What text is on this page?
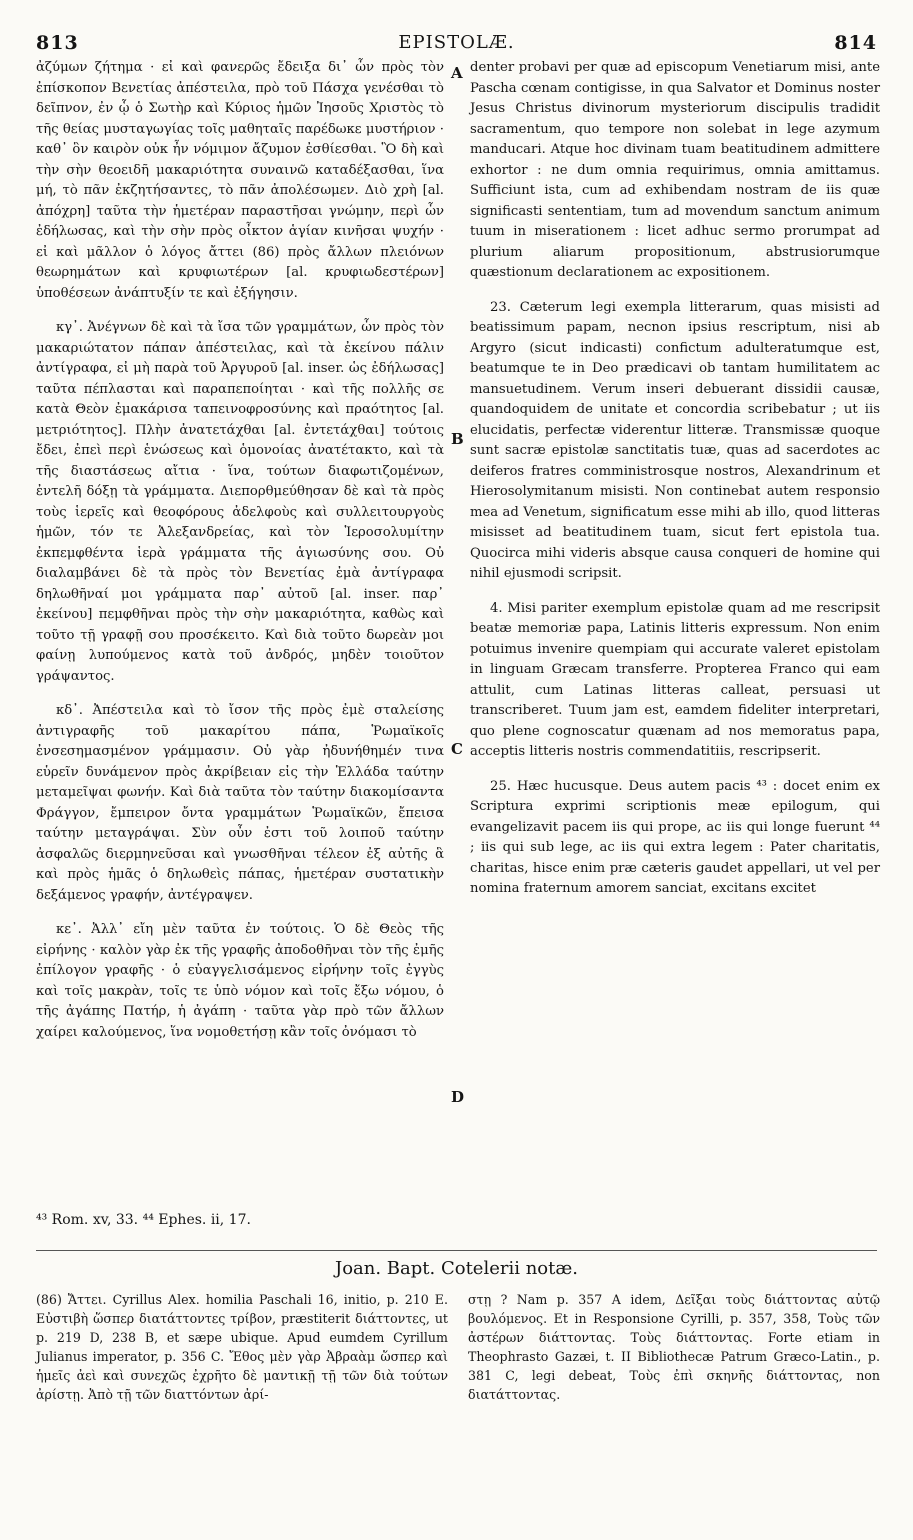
813	EPISTOLÆ.	814

ἀζύμων ζήτημα · εἰ καὶ φανερῶς ἔδειξα δι᾽ ὧν πρὸς τὸν ἐπίσκοπον Βενετίας ἀπέστειλα, πρὸ τοῦ Πάσχα γενέσθαι τὸ δεῖπνον, ἐν ᾧ ὁ Σωτὴρ καὶ Κύριος ἡμῶν Ἰησοῦς Χριστὸς τὸ τῆς θείας μυσταγωγίας τοῖς μαθηταῖς παρέδωκε μυστήριον · καθ᾽ ὃν καιρὸν οὐκ ἦν νόμιμον ἄζυμον ἐσθίεσθαι. Ὃ δὴ καὶ τὴν σὴν θεοειδῆ μακαριότητα συναινῶ καταδέξασθαι, ἵνα μή, τὸ πᾶν ἐκζητήσαντες, τὸ πᾶν ἀπολέσωμεν. Διὸ χρὴ [al. ἀπόχρη] ταῦτα τὴν ἡμετέραν παραστῆσαι γνώμην, περὶ ὧν ἐδήλωσας, καὶ τὴν σὴν πρὸς οἶκτον ἁγίαν κινῆσαι ψυχήν · εἰ καὶ μᾶλλον ὁ λόγος ἄττει (86) πρὸς ἄλλων πλειόνων θεωρημάτων καὶ κρυφιωτέρων [al. κρυφιωδεστέρων] ὑποθέσεων ἀνάπτυξίν τε καὶ ἐξήγησιν.

κγ᾽. Ἀνέγνων δὲ καὶ τὰ ἴσα τῶν γραμμάτων, ὧν πρὸς τὸν μακαριώτατον πάπαν ἀπέστειλας, καὶ τὰ ἐκείνου πάλιν ἀντίγραφα, εἰ μὴ παρὰ τοῦ Ἀργυροῦ [al. inser. ὡς ἐδήλωσας] ταῦτα πέπλασται καὶ παραπεποίηται · καὶ τῆς πολλῆς σε κατὰ Θεὸν ἐμακάρισα ταπεινοφροσύνης καὶ πραότητος [al. μετριότητος]. Πλὴν ἀνατετάχθαι [al. ἐντετάχθαι] τούτοις ἔδει, ἐπεὶ περὶ ἑνώσεως καὶ ὁμονοίας ἀνατέτακτο, καὶ τὰ τῆς διαστάσεως αἴτια · ἵνα, τούτων διαφωτιζομένων, ἐντελῆ δόξῃ τὰ γράμματα. Διεπορθμεύθησαν δὲ καὶ τὰ πρὸς τοὺς ἱερεῖς καὶ θεοφόρους ἀδελφοὺς καὶ συλλειτουργοὺς ἡμῶν, τόν τε Ἀλεξανδρείας, καὶ τὸν Ἱεροσολυμίτην ἐκπεμφθέντα ἱερὰ γράμματα τῆς ἁγιωσύνης σου. Οὐ διαλαμβάνει δὲ τὰ πρὸς τὸν Βενετίας ἐμὰ ἀντίγραφα δηλωθῆναί μοι γράμματα παρ᾽ αὐτοῦ [al. inser. παρ᾽ ἐκείνου] πεμφθῆναι πρὸς τὴν σὴν μακαριότητα, καθὼς καὶ τοῦτο τῇ γραφῇ σου προσέκειτο. Καὶ διὰ τοῦτο δωρεὰν μοι φαίνῃ λυπούμενος κατὰ τοῦ ἀνδρός, μηδὲν τοιοῦτον γράψαντος.

κδ᾽. Ἀπέστειλα καὶ τὸ ἴσον τῆς πρὸς ἐμὲ σταλείσης ἀντιγραφῆς τοῦ μακαρίτου πάπα, Ῥωμαϊκοῖς ἐνσεσημασμένον γράμμασιν. Οὐ γὰρ ἠδυνήθημέν τινα εὑρεῖν δυνάμενον πρὸς ἀκρίβειαν εἰς τὴν Ἑλλάδα ταύτην μεταμεῖψαι φωνήν. Καὶ διὰ ταῦτα τὸν ταύτην διακομίσαντα Φράγγον, ἔμπειρον ὄντα γραμμάτων Ῥωμαϊκῶν, ἔπεισα ταύτην μεταγράψαι. Σὺν οὖν ἐστι τοῦ λοιποῦ ταύτην ἀσφαλῶς διερμηνεῦσαι καὶ γνωσθῆναι τέλεον ἐξ αὐτῆς ἃ καὶ πρὸς ἡμᾶς ὁ δηλωθεὶς πάπας, ἡμετέραν συστατικὴν δεξάμενος γραφήν, ἀντέγραψεν.

κε᾽. Ἀλλ᾽ εἴη μὲν ταῦτα ἐν τούτοις. Ὁ δὲ Θεὸς τῆς εἰρήνης · καλὸν γὰρ ἐκ τῆς γραφῆς ἀποδοθῆναι τὸν τῆς ἐμῆς ἐπίλογον γραφῆς · ὁ εὐαγγελισάμενος εἰρήνην τοῖς ἐγγὺς καὶ τοῖς μακρὰν, τοῖς τε ὑπὸ νόμον καὶ τοῖς ἔξω νόμου, ὁ τῆς ἀγάπης Πατήρ, ἡ ἀγάπη · ταῦτα γὰρ πρὸ τῶν ἄλλων χαίρει καλούμενος, ἵνα νομοθετήσῃ κἂν τοῖς ὀνόμασι τὸ

denter probavi per quæ ad episcopum Venetiarum misi, ante Pascha cœnam contigisse, in qua Salvator et Dominus noster Jesus Christus divinorum mysteriorum discipulis tradidit sacramentum, quo tempore non solebat in lege azymum manducari. Atque hoc divinam tuam beatitudinem admittere exhortor : ne dum omnia requirimus, omnia amittamus. Sufficiunt ista, cum ad exhibendam nostram de iis quæ significasti sententiam, tum ad movendum sanctum animum tuum in miserationem : licet adhuc sermo prorumpat ad plurium aliarum propositionum, abstrusiorumque quæstionum declarationem ac expositionem.

23. Cæterum legi exempla litterarum, quas misisti ad beatissimum papam, necnon ipsius rescriptum, nisi ab Argyro (sicut indicasti) confictum adulteratumque est, beatumque te in Deo prædicavi ob tantam humilitatem ac mansuetudinem. Verum inseri debuerant dissidii causæ, quandoquidem de unitate et concordia scribebatur ; ut iis elucidatis, perfectæ viderentur litteræ. Transmissæ quoque sunt sacræ epistolæ sanctitatis tuæ, quas ad sacerdotes ac deiferos fratres comministrosque nostros, Alexandrinum et Hierosolymitanum misisti. Non continebat autem responsio mea ad Venetum, significatum esse mihi ab illo, quod litteras misisset ad beatitudinem tuam, sicut fert epistola tua. Quocirca mihi videris absque causa conqueri de homine qui nihil ejusmodi scripsit.

4. Misi pariter exemplum epistolæ quam ad me rescripsit beatæ memoriæ papa, Latinis litteris expressum. Non enim potuimus invenire quempiam qui accurate valeret epistolam in linguam Græcam transferre. Propterea Franco qui eam attulit, cum Latinas litteras calleat, persuasi ut transcriberet. Tuum jam est, eamdem fideliter interpretari, quo plene cognoscatur quænam ad nos memoratus papa, acceptis litteris nostris commendatitiis, rescripserit.

25. Hæc hucusque. Deus autem pacis ⁴³ : docet enim ex Scriptura exprimi scriptionis meæ epilogum, qui evangelizavit pacem iis qui prope, ac iis qui longe fuerunt ⁴⁴ ; iis qui sub lege, ac iis qui extra legem : Pater charitatis, charitas, hisce enim præ cæteris gaudet appellari, ut vel per nomina fraternum amorem sanciat, excitans excitet

A
B
C
D
⁴³ Rom. xv, 33. ⁴⁴ Ephes. ii, 17.
Joan. Bapt. Cotelerii notæ.
(86) Ἄττει. Cyrillus Alex. homilia Paschali 16, initio, p. 210 E. Εὐστιβὴ ὥσπερ διατάττοντες τρίβον, præstiterit διάττοντες, ut p. 219 D, 238 B, et sæpe ubique. Apud eumdem Cyrillum Julianus imperator, p. 356 C. Ἔθος μὲν γὰρ Ἀβραὰμ ὥσπερ καὶ ἡμεῖς ἀεὶ καὶ συνεχῶς ἐχρῆτο δὲ μαντικῇ τῇ τῶν διὰ τούτων ἀρίστῃ. Ἀπὸ τῇ τῶν διαττόντων ἀρί-
στῃ ? Nam p. 357 A idem, Δεῖξαι τοὺς διάττοντας αὐτῷ βουλόμενος. Et in Responsione Cyrilli, p. 357, 358, Τοὺς τῶν ἀστέρων διάττοντας. Τοὺς διάττοντας. Forte etiam in Theophrasto Gazæi, t. II Bibliothecæ Patrum Græco-Latin., p. 381 C, legi debeat, Τοὺς ἐπὶ σκηνῆς διάττοντας, non διατάττοντας.
